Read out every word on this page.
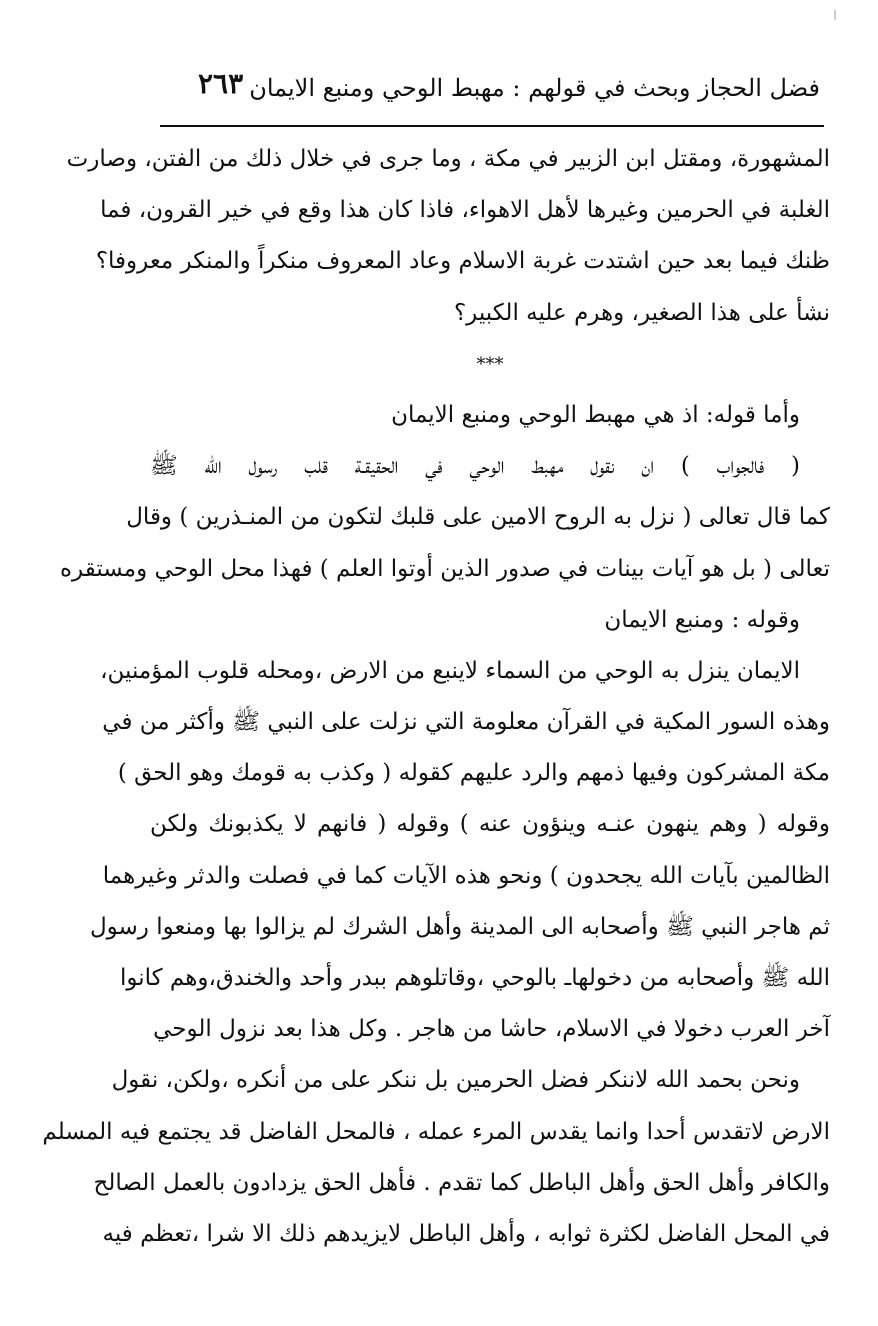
فضل الحجاز وبحث في قولهم : مهبط الوحي ومنبع الايمان
٢٦٣
المشهورة، ومقتل ابن الزبير في مكة ، وما جرى في خلال ذلك من الفتن، وصارت
الغلبة في الحرمين وغيرها لأهل الاهواء، فاذا كان هذا وقع في خير القرون، فما
ظنك فيما بعد حين اشتدت غربة الاسلام وعاد المعروف منكراً والمنكر معروفا؟
نشأ على هذا الصغير، وهرم عليه الكبير؟
***
وأما قوله: اذ هي مهبط الوحي ومنبع الايمان
( فالجواب ) ان نقول مهبط الوحي في الحقيقـة قلب رسول الله ﷺ
كما قال تعالى ( نزل به الروح الامين على قلبك لتكون من المنـذرين ) وقال
تعالى ( بل هو آيات بينات في صدور الذين أوتوا العلم ) فهذا محل الوحي ومستقره
وقوله : ومنبع الايمان
الايمان ينزل به الوحي من السماء لاينبع من الارض ،ومحله قلوب المؤمنين،
وهذه السور المكية في القرآن معلومة التي نزلت على النبي ﷺ وأكثر من في
مكة المشركون وفيها ذمهم والرد عليهم كقوله ( وكذب به قومك وهو الحق )
وقوله ( وهم ينهون عنـه وينؤون عنه ) وقوله ( فانهم لا يكذبونك ولكن
الظالمين بآيات الله يجحدون ) ونحو هذه الآيات كما في فصلت والدثر وغيرهما
ثم هاجر النبي ﷺ وأصحابه الى المدينة وأهل الشرك لم يزالوا بها ومنعوا رسول
الله ﷺ وأصحابه من دخولهاـ بالوحي ،وقاتلوهم ببدر وأحد والخندق،وهم كانوا
آخر العرب دخولا في الاسلام، حاشا من هاجر . وكل هذا بعد نزول الوحي
ونحن بحمد الله لاننكر فضل الحرمين بل ننكر على من أنكره ،ولكن، نقول
الارض لاتقدس أحدا وانما يقدس المرء عمله ، فالمحل الفاضل قد يجتمع فيه المسلم
والكافر وأهل الحق وأهل الباطل كما تقدم . فأهل الحق يزدادون بالعمل الصالح
في المحل الفاضل لكثرة ثوابه ، وأهل الباطل لايزيدهم ذلك الا شرا ،تعظم فيه
